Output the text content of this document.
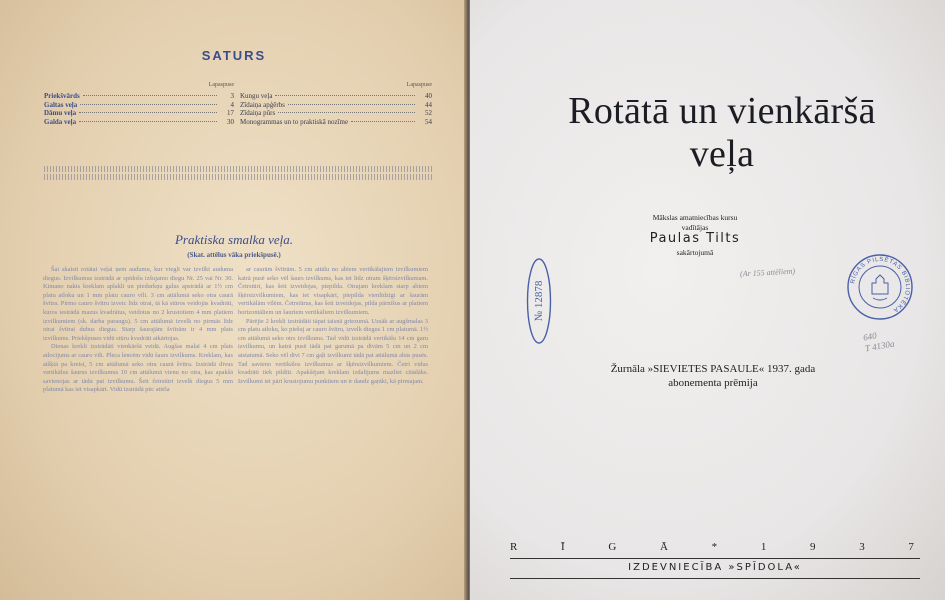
SATURS
Lapaspuse
Priekšvārds	3
Galtas veļa	4
Dāmu veļa	17
Galda veļa	30
Lapaspuse
Kungu veļa	40
Zīdaiņa apģērbs	44
Zīdaiņa pūrs	52
Monogrammas un to praktiskā nozīme	54
Praktiska smalka veļa.
(Skat. attēlus vāka priekšpusē.)

Šai skaisti rotātai veļai ņem audumu, kur viegli var izvilkt auduma diegus. Izvilkumus izstrādā ar spīdošu izšujamo diegu Nr. 25 vai Nr. 30. Kimano nakts kreklam aplakli un piedurkņu galus apstrādā ar 1½ cm platu atloku un 1 mm platu cauro vīli. 3 cm attālumā seko otra caurā švītra. Pirmo cauro švītru izveic līdz otrai, tā kā stūros veidojās kvadrāti, kuros iestrādā mazus kvadrātus, veidotus no 2 krustotiem 4 mm platiem izvilkumiem (sk. darba paraugu). 5 cm attālumā izvelk no pirmās līdz otrai švītrai dubus diegus. Starp šaurajām švītrām ir 4 mm plats izvilkums. Priekšpuses vidū stūru kvadrāti atkārtojas.

Dienas krekli izstrādāti vienkāršā veidā. Augšas malai 4 cm plats atlocījums ar cauro vīli. Pleca lencēm vidū šaurs izvilkums. Kreklam, kas atšķiā pa kreisi, 5 cm attālumā seko otra caurā švītra. Izstrādā divus vertikālus šaurus izvilkumus 10 cm attālumā vienu no otra, kas apakšā savienojas ar tādu pat izvilkumu. Šeit četrstūri izvelk diegus 5 mm platumā kas iet visapkārt. Vidū izstrādā pēc attēla

ar caurām švītrām. 5 cm attālu no abiem vertikālajiem izvilkumiem katrā pusē seko vēl šaurs izvilkums, kas iet līdz otram šķērsizvilkumam. Četrstūri, kas šeit izveidojas, piepilda. Otrajam kreklam starp abiem šķērsizvilkumiem, kas iet visapkārt, piepilda vienlīdzīgi ar šaurām vertikālām vīlēm. Četrstūrus, kas šeit izveidojas, pilda pārnīšus ar platiem horizontāliem un šauriem vertikāliem izvilkumiem.

Pārējie 2 krekli izstrādāti tāpat taisnā griezumā. Uzsāk ar augšmalas 3 cm platu atloku, ko piešuj ar cauro švītru, izvelk diegus 1 cm platumā. 1½ cm attālumā seko otrs izvilkums. Tad vidū izstrādā vertikālu 14 cm garu izvilkumu, un katrā pusē tādā pat garumā pa divām 5 cm un 2 cm atstatumā. Seko vēl divi 7 cm gaļi izvilkumi tādā pat attālumā abās pusēs. Tad savieno vertikālos izvilkumus ar šķērsizvilkumiem. Četri vidus kvadrāti tiek pildīti. Apakšējam kreklam izdalījums mazliet citādāks. Izvilkumi iet pāri krustojumu punktiem un ir dandz gaŗāki, kā pirmajam.

Rotātā un vienkāršā
veļa
Mākslas amatniecības kursu
vadītājas
Paulas Tilts
sakārtojumā
(Ar 155 attēliem)
№ 12878	RĪGAS PILSĒTAS BIBLIOTĒKA
640
T 4130a
Žurnāla »SIEVIETES PASAULE« 1937. gada
abonementa prēmija
R	Ī	G	Ā	*	1	9	3	7
IZDEVNIECĪBA »SPĪDOLA«
